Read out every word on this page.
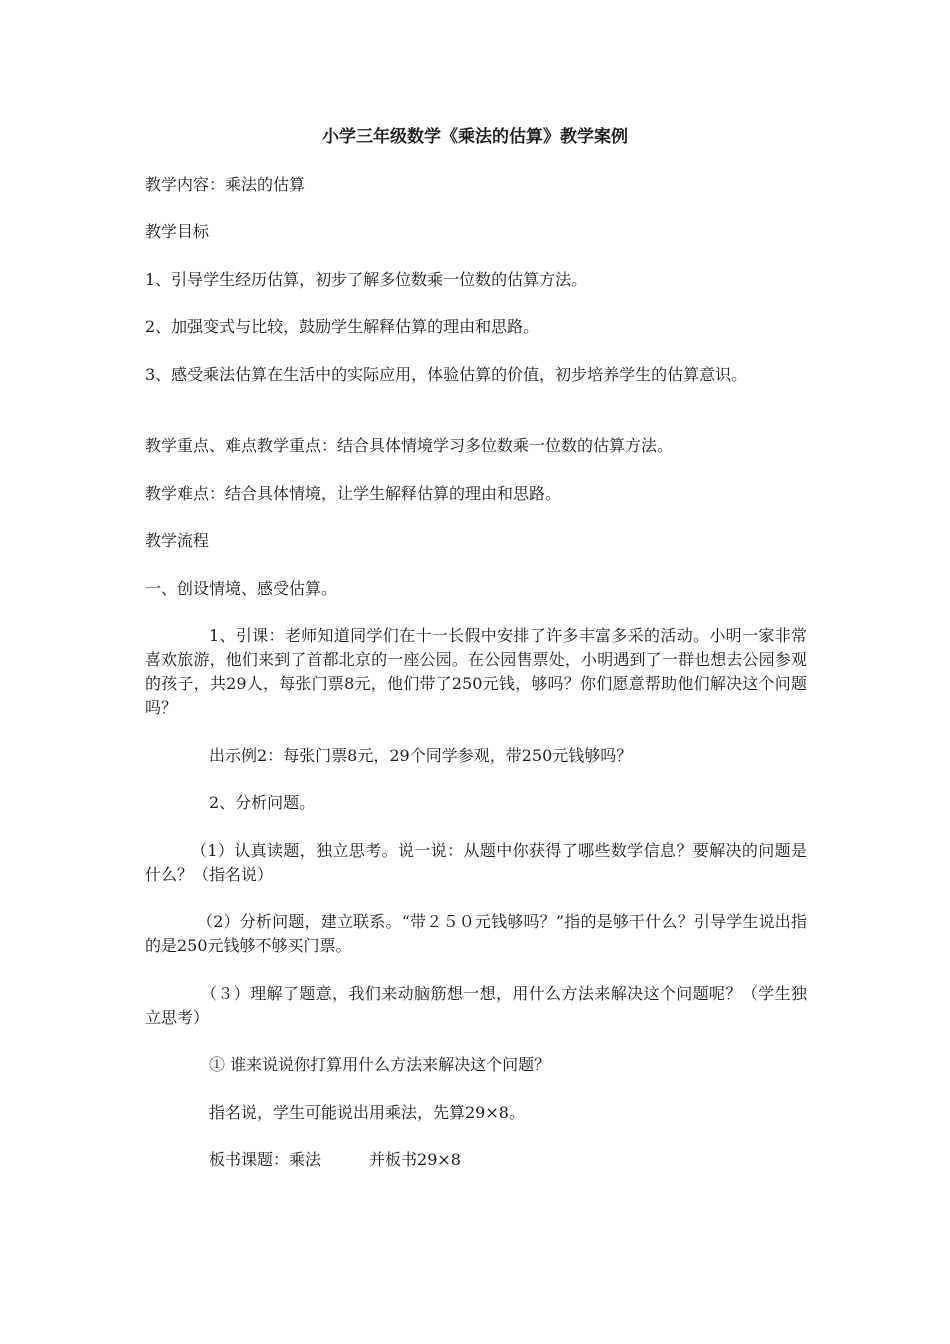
小学三年级数学《乘法的估算》教学案例
教学内容：乘法的估算
教学目标
1、引导学生经历估算，初步了解多位数乘一位数的估算方法。
2、加强变式与比较，鼓励学生解释估算的理由和思路。
3、感受乘法估算在生活中的实际应用，体验估算的价值，初步培养学生的估算意识。
教学重点、难点教学重点：结合具体情境学习多位数乘一位数的估算方法。
教学难点：结合具体情境，让学生解释估算的理由和思路。
教学流程
一、创设情境、感受估算。
1、引课：老师知道同学们在十一长假中安排了许多丰富多采的活动。小明一家非常喜欢旅游，他们来到了首都北京的一座公园。在公园售票处，小明遇到了一群也想去公园参观的孩子，共29人，每张门票8元，他们带了250元钱，够吗？你们愿意帮助他们解决这个问题吗？
出示例2：每张门票8元，29个同学参观，带250元钱够吗？
2、分析问题。
（1）认真读题，独立思考。说一说：从题中你获得了哪些数学信息？要解决的问题是什么？（指名说）
（2）分析问题，建立联系。“带２５０元钱够吗？”指的是够干什么？引导学生说出指的是250元钱够不够买门票。
（３）理解了题意，我们来动脑筋想一想，用什么方法来解决这个问题呢？（学生独立思考）
① 谁来说说你打算用什么方法来解决这个问题？
指名说，学生可能说出用乘法，先算29×8。
板书课题：乘法	并板书29×8
